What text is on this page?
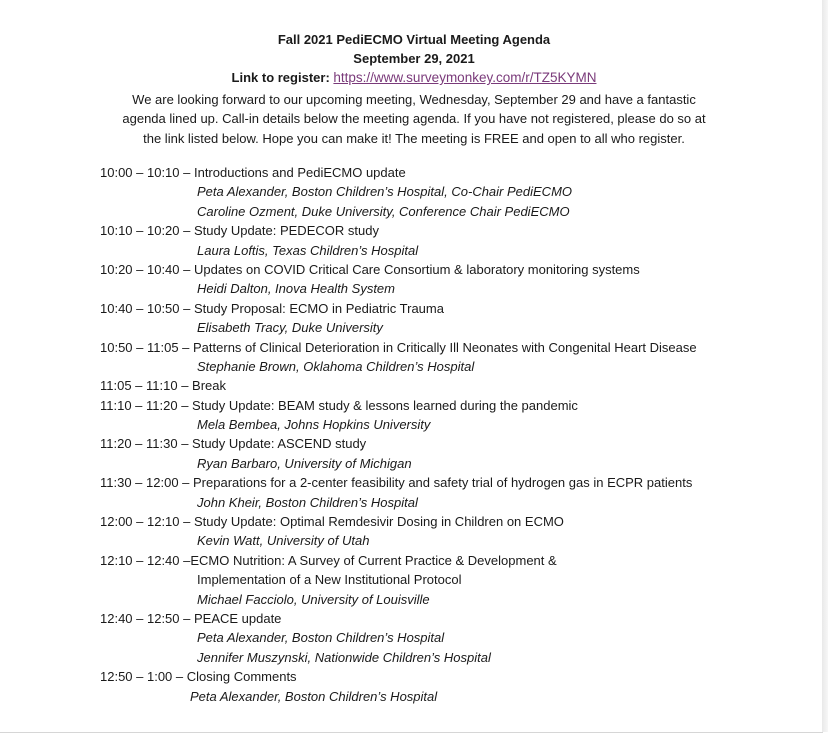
Fall 2021 PediECMO Virtual Meeting Agenda
September 29, 2021
Link to register: https://www.surveymonkey.com/r/TZ5KYMN
We are looking forward to our upcoming meeting, Wednesday, September 29 and have a fantastic
agenda lined up. Call-in details below the meeting agenda. If you have not registered, please do so at
the link listed below. Hope you can make it! The meeting is FREE and open to all who register.
10:00 – 10:10 – Introductions and PediECMO update
Peta Alexander, Boston Children’s Hospital, Co-Chair PediECMO
Caroline Ozment, Duke University, Conference Chair PediECMO
10:10 – 10:20 – Study Update: PEDECOR study
Laura Loftis, Texas Children’s Hospital
10:20 – 10:40 – Updates on COVID Critical Care Consortium & laboratory monitoring systems
Heidi Dalton, Inova Health System
10:40 – 10:50 – Study Proposal: ECMO in Pediatric Trauma
Elisabeth Tracy, Duke University
10:50 – 11:05 – Patterns of Clinical Deterioration in Critically Ill Neonates with Congenital Heart Disease
Stephanie Brown, Oklahoma Children’s Hospital
11:05 – 11:10 – Break
11:10 – 11:20 – Study Update: BEAM study & lessons learned during the pandemic
Mela Bembea, Johns Hopkins University
11:20 – 11:30 – Study Update: ASCEND study
Ryan Barbaro, University of Michigan
11:30 – 12:00 – Preparations for a 2-center feasibility and safety trial of hydrogen gas in ECPR patients
John Kheir, Boston Children’s Hospital
12:00 – 12:10 – Study Update: Optimal Remdesivir Dosing in Children on ECMO
Kevin Watt, University of Utah
12:10 – 12:40 –ECMO Nutrition: A Survey of Current Practice & Development &
Implementation of a New Institutional Protocol
Michael Facciolo, University of Louisville
12:40 – 12:50 – PEACE update
Peta Alexander, Boston Children’s Hospital
Jennifer Muszynski, Nationwide Children’s Hospital
12:50 – 1:00 – Closing Comments
Peta Alexander, Boston Children’s Hospital
